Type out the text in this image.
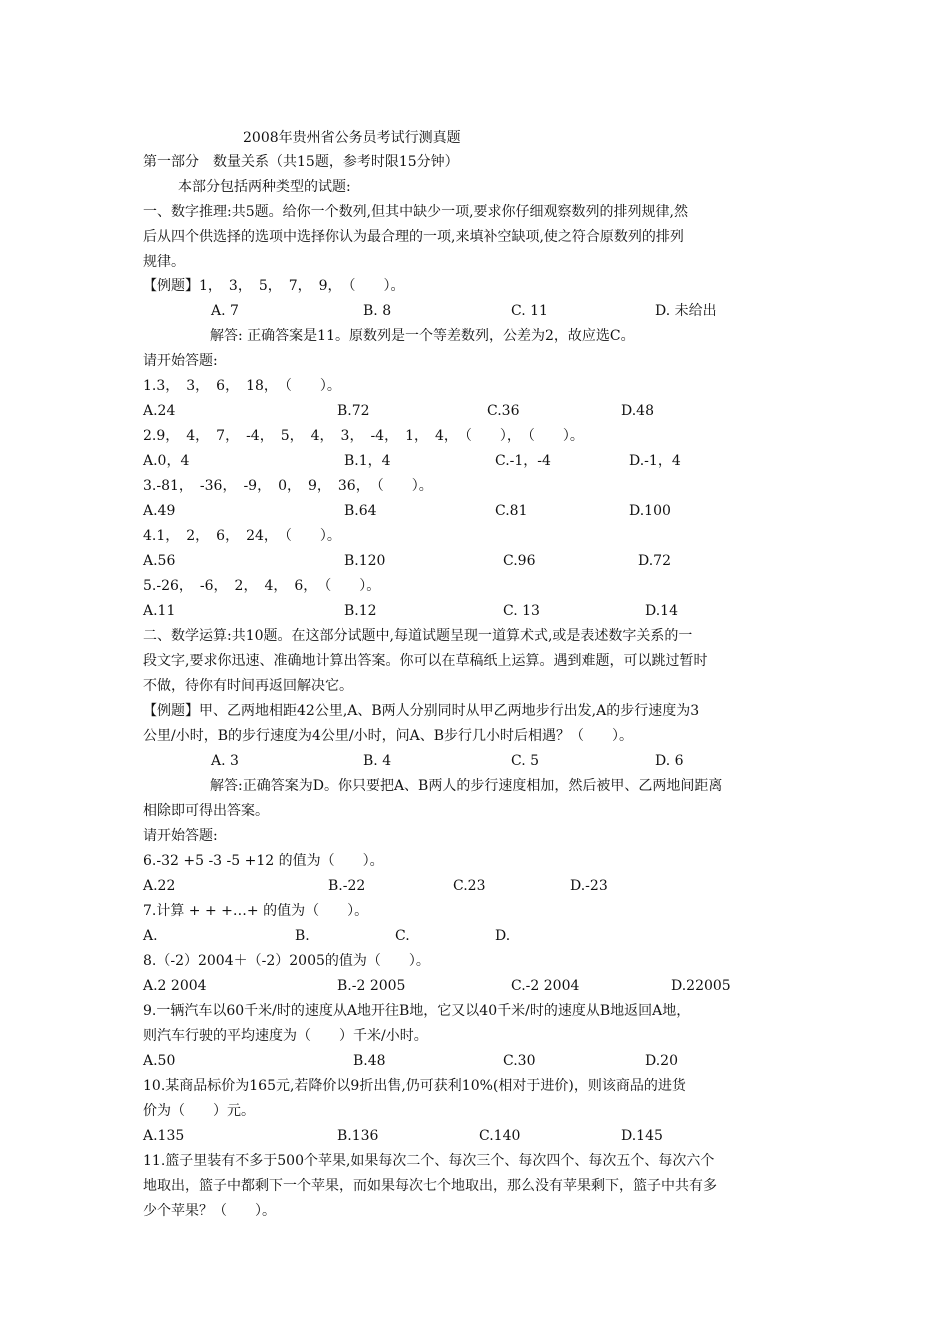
2008年贵州省公务员考试行测真题
第一部分　数量关系（共15题，参考时限15分钟）
本部分包括两种类型的试题:
一、数字推理:共5题。给你一个数列,但其中缺少一项,要求你仔细观察数列的排列规律,然
后从四个供选择的选项中选择你认为最合理的一项,来填补空缺项,使之符合原数列的排列
规律。
【例题】1，　3，　5，　7，　9，　（　　）。
A. 7	B. 8	C. 11	D. 未给出
解答: 正确答案是11。原数列是一个等差数列，公差为2，故应选C。
请开始答题:
1.3，　3，　6，　18，　（　　）。
A.24	B.72	C.36	D.48
2.9，　4，　7，　-4，　5，　4，　3，　-4，　1，　4，　（　　），　（　　）。
A.0，4	B.1，4	C.-1，-4	D.-1，4
3.-81，　-36，　-9，　0，　9，　36，　（　　）。
A.49	B.64	C.81	D.100
4.1，　2，　6，　24，　（　　）。
A.56	B.120	C.96	D.72
5.-26，　-6，　2，　4，　6，　（　　）。
A.11	B.12	C. 13	D.14
二、数学运算:共10题。在这部分试题中,每道试题呈现一道算术式,或是表述数字关系的一
段文字,要求你迅速、准确地计算出答案。你可以在草稿纸上运算。遇到难题，可以跳过暂时
不做，待你有时间再返回解决它。
【例题】甲、乙两地相距42公里,A、B两人分别同时从甲乙两地步行出发,A的步行速度为3
公里/小时，B的步行速度为4公里/小时，问A、B步行几小时后相遇？（　　）。
A. 3	B. 4	C. 5	D. 6
解答:正确答案为D。你只要把A、B两人的步行速度相加，然后被甲、乙两地间距离
相除即可得出答案。
请开始答题:
6.-32 +5 -3 -5 +12 的值为（　　）。
A.22	B.-22	C.23	D.-23
7.计算 + + +…+ 的值为（　　）。
A.	B.	C.	D.
8.（-2）2004＋（-2）2005的值为（　　）。
A.2 2004	B.-2 2005	C.-2 2004	D.22005
9.一辆汽车以60千米/时的速度从A地开往B地，它又以40千米/时的速度从B地返回A地，
则汽车行驶的平均速度为（　　）千米/小时。
A.50	B.48	C.30	D.20
10.某商品标价为165元,若降价以9折出售,仍可获利10%(相对于进价)，则该商品的进货
价为（　　）元。
A.135	B.136	C.140	D.145
11.篮子里装有不多于500个苹果,如果每次二个、每次三个、每次四个、每次五个、每次六个
地取出，篮子中都剩下一个苹果，而如果每次七个地取出，那么没有苹果剩下，篮子中共有多
少个苹果？（　　）。
